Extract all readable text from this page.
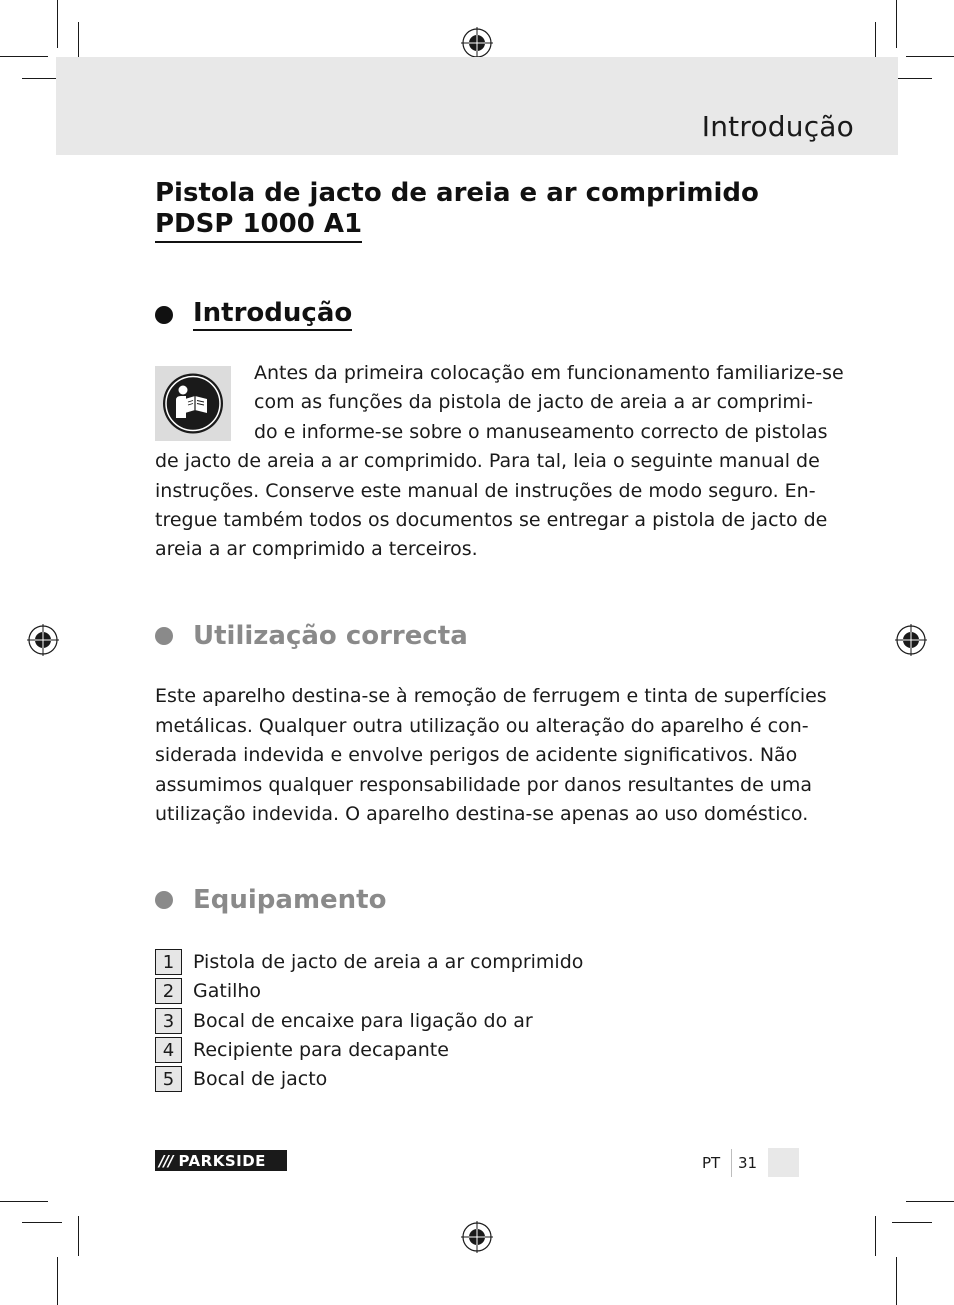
Introdução
Pistola de jacto de areia e ar comprimido
PDSP 1000 A1
Introdução
Antes da primeira colocação em funcionamento familiarize-se
com as funções da pistola de jacto de areia a ar comprimi-
do e informe-se sobre o manuseamento correcto de pistolas
de jacto de areia a ar comprimido. Para tal, leia o seguinte manual de
instruções. Conserve este manual de instruções de modo seguro. En-
tregue também todos os documentos se entregar a pistola de jacto de
areia a ar comprimido a terceiros.
Utilização correcta
Este aparelho destina-se à remoção de ferrugem e tinta de superfícies
metálicas. Qualquer outra utilização ou alteração do aparelho é con-
siderada indevida e envolve perigos de acidente significativos. Não
assumimos qualquer responsabilidade por danos resultantes de uma
utilização indevida. O aparelho destina-se apenas ao uso doméstico.
Equipamento
1 Pistola de jacto de areia a ar comprimido
2 Gatilho
3 Bocal de encaixe para ligação do ar
4 Recipiente para decapante
5 Bocal de jacto
/// PARKSIDE	PT 31
